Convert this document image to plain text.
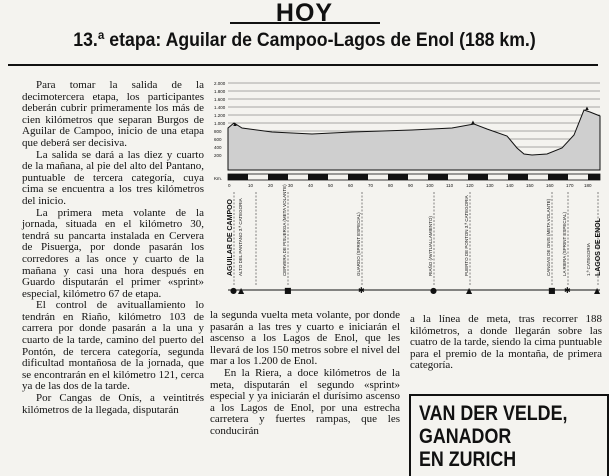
HOY
13.ª etapa: Aguilar de Campoo-Lagos de Enol (188 km.)

Para tomar la salida de la decimotercera etapa, los participantes deberán cubrir primeramente los más de cien kilómetros que separan Burgos de Aguilar de Campoo, inicio de una etapa que deberá ser decisiva.

La salida se dará a las diez y cuarto de la mañana, al pie del alto del Pantano, puntuable de tercera categoría, cuya cima se encuentra a los tres kilómetros del inicio.

La primera meta volante de la jornada, situada en el kilómetro 30, tendrá su pancarta instalada en Cervera de Pisuerga, por donde pasarán los corredores a las once y cuarto de la mañana y casi una hora después en Guardo disputarán el primer «sprint» especial, kilómetro 67 de etapa.

El control de avituallamiento lo tendrán en Riaño, kilómetro 103 de carrera por donde pasarán a la una y cuarto de la tarde, camino del puerto del Pontón, de tercera categoría, segunda dificultad montañosa de la jornada, que se encontrarán en el kilómetro 121, cerca ya de las dos de la tarde.

Por Cangas de Onís, a veintitrés kilómetros de la llegada, disputarán

2.000
1.800
1.600
1.400
1.200
1.000
800
600
400
200
▲	▲
▲
Km.
0	10	20	30	40	50	60	70	80	90	100	110	120	130	140	150	160	170 180
AGUILAR DE CAMPOO ALTO DEL PANTANO 3.ª CATEGORIA	CERVERA DE PISUERGA (META VOLANTE)	GUARDO (SPRINT ESPECIAL)	RIAÑO (AVITUALLAMIENTO)	PUERTO DE PONTON 3.ª CATEGORIA	CANGAS DE ONIS (META VOLANTE) LA RIERA (SPRINT ESPECIAL)	1.ª CATEGORIA LAGOS DE ENOL
● ▲	■	✱	●	▲	■ ✱	▲

la segunda vuelta meta volante, por donde pasarán a las tres y cuarto e iniciarán el ascenso a los Lagos de Enol, que les llevará de los 150 metros sobre el nivel del mar a los 1.200 de Enol.

En la Riera, a doce kilómetros de la meta, disputarán el segundo «sprint» especial y ya iniciarán el durísimo ascenso a los Lagos de Enol, por una estrecha carretera y fuertes rampas, que les conducirán

a la línea de meta, tras recorrer 188 kilómetros, a donde llegarán sobre las cuatro de la tarde, siendo la cima puntuable para el premio de la montaña, de primera categoría.

VAN DER VELDE,
GANADOR
EN ZURICH
